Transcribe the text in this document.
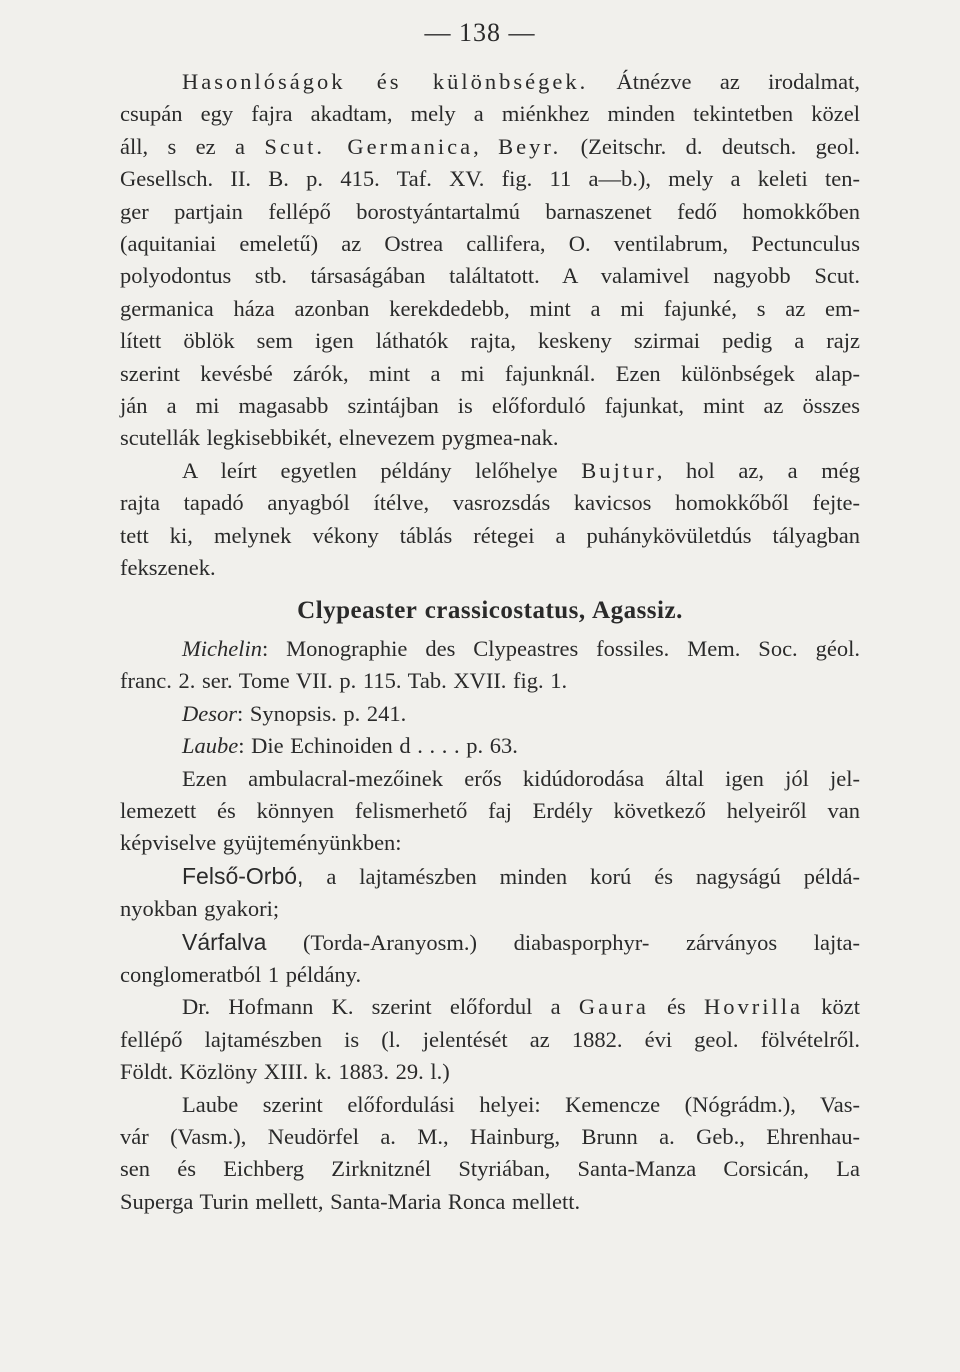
— 138 —
Hasonlóságok és különbségek. Átnézve az irodalmat,
csupán egy fajra akadtam, mely a miénkhez minden tekintetben közel
áll, s ez a Scut. Germanica, Beyr. (Zeitschr. d. deutsch. geol.
Gesellsch. II. B. p. 415. Taf. XV. fig. 11 a—b.), mely a keleti ten-
ger partjain fellépő borostyántartalmú barnaszenet fedő homokkőben
(aquitaniai emeletű) az Ostrea callifera, O. ventilabrum, Pectunculus
polyodontus stb. társaságában találtatott. A valamivel nagyobb Scut.
germanica háza azonban kerekdedebb, mint a mi fajunké, s az em-
lített öblök sem igen láthatók rajta, keskeny szirmai pedig a rajz
szerint kevésbé zárók, mint a mi fajunknál. Ezen különbségek alap-
ján a mi magasabb szintájban is előforduló fajunkat, mint az összes
scutellák legkisebbikét, elnevezem pygmea-nak.
A leírt egyetlen példány lelőhelye Bujtur, hol az, a még
rajta tapadó anyagból ítélve, vasrozsdás kavicsos homokkőből fejte-
tett ki, melynek vékony táblás rétegei a puhánykövületdús tályagban
fekszenek.
Clypeaster crassicostatus, Agassiz.
Michelin: Monographie des Clypeastres fossiles. Mem. Soc. géol.
franc. 2. ser. Tome VII. p. 115. Tab. XVII. fig. 1.
Desor: Synopsis. p. 241.
Laube: Die Echinoiden d . . . . p. 63.
Ezen ambulacral-mezőinek erős kidúdorodása által igen jól jel-
lemezett és könnyen felismerhető faj Erdély következő helyeiről van
képviselve gyüjteményünkben:
Felső-Orbó, a lajtamészben minden korú és nagyságú példá-
nyokban gyakori;
Várfalva (Torda-Aranyosm.) diabasporphyr- zárványos lajta-
conglomeratból 1 példány.
Dr. Hofmann K. szerint előfordul a Gaura és Hovrilla közt
fellépő lajtamészben is (l. jelentését az 1882. évi geol. fölvételről.
Földt. Közlöny XIII. k. 1883. 29. l.)
Laube szerint előfordulási helyei: Kemencze (Nógrádm.), Vas-
vár (Vasm.), Neudörfel a. M., Hainburg, Brunn a. Geb., Ehrenhau-
sen és Eichberg Zirknitznél Styriában, Santa-Manza Corsicán, La
Superga Turin mellett, Santa-Maria Ronca mellett.
